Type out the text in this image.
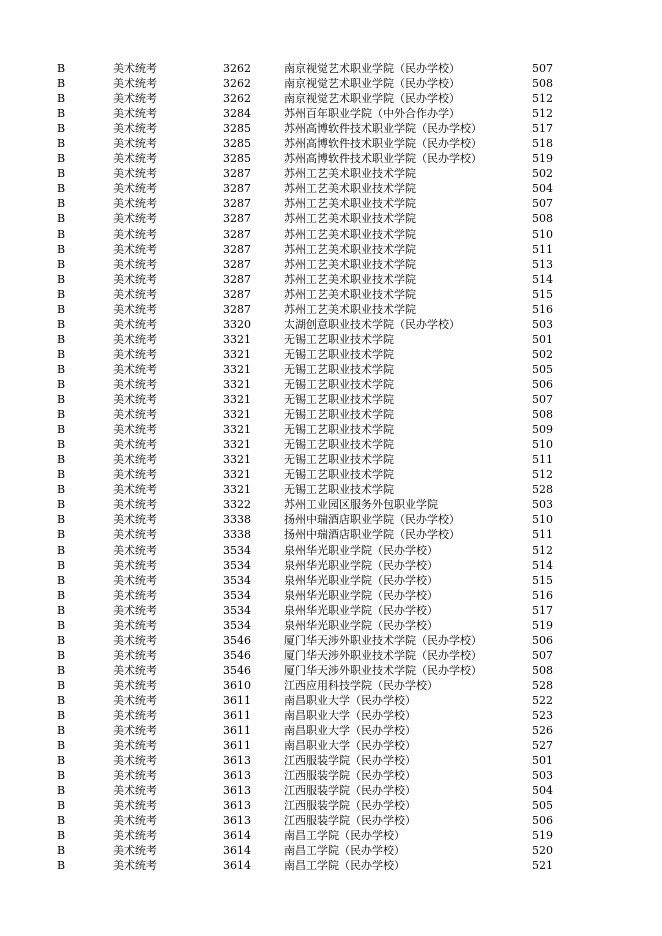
B	美术统考	3262	南京视觉艺术职业学院（民办学校）	507
B	美术统考	3262	南京视觉艺术职业学院（民办学校）	508
B	美术统考	3262	南京视觉艺术职业学院（民办学校）	512
B	美术统考	3284	苏州百年职业学院（中外合作办学）	512
B	美术统考	3285	苏州高博软件技术职业学院（民办学校）	517
B	美术统考	3285	苏州高博软件技术职业学院（民办学校）	518
B	美术统考	3285	苏州高博软件技术职业学院（民办学校）	519
B	美术统考	3287	苏州工艺美术职业技术学院	502
B	美术统考	3287	苏州工艺美术职业技术学院	504
B	美术统考	3287	苏州工艺美术职业技术学院	507
B	美术统考	3287	苏州工艺美术职业技术学院	508
B	美术统考	3287	苏州工艺美术职业技术学院	510
B	美术统考	3287	苏州工艺美术职业技术学院	511
B	美术统考	3287	苏州工艺美术职业技术学院	513
B	美术统考	3287	苏州工艺美术职业技术学院	514
B	美术统考	3287	苏州工艺美术职业技术学院	515
B	美术统考	3287	苏州工艺美术职业技术学院	516
B	美术统考	3320	太湖创意职业技术学院（民办学校）	503
B	美术统考	3321	无锡工艺职业技术学院	501
B	美术统考	3321	无锡工艺职业技术学院	502
B	美术统考	3321	无锡工艺职业技术学院	505
B	美术统考	3321	无锡工艺职业技术学院	506
B	美术统考	3321	无锡工艺职业技术学院	507
B	美术统考	3321	无锡工艺职业技术学院	508
B	美术统考	3321	无锡工艺职业技术学院	509
B	美术统考	3321	无锡工艺职业技术学院	510
B	美术统考	3321	无锡工艺职业技术学院	511
B	美术统考	3321	无锡工艺职业技术学院	512
B	美术统考	3321	无锡工艺职业技术学院	528
B	美术统考	3322	苏州工业园区服务外包职业学院	503
B	美术统考	3338	扬州中瑞酒店职业学院（民办学校）	510
B	美术统考	3338	扬州中瑞酒店职业学院（民办学校）	511
B	美术统考	3534	泉州华光职业学院（民办学校）	512
B	美术统考	3534	泉州华光职业学院（民办学校）	514
B	美术统考	3534	泉州华光职业学院（民办学校）	515
B	美术统考	3534	泉州华光职业学院（民办学校）	516
B	美术统考	3534	泉州华光职业学院（民办学校）	517
B	美术统考	3534	泉州华光职业学院（民办学校）	519
B	美术统考	3546	厦门华天涉外职业技术学院（民办学校）	506
B	美术统考	3546	厦门华天涉外职业技术学院（民办学校）	507
B	美术统考	3546	厦门华天涉外职业技术学院（民办学校）	508
B	美术统考	3610	江西应用科技学院（民办学校）	528
B	美术统考	3611	南昌职业大学（民办学校）	522
B	美术统考	3611	南昌职业大学（民办学校）	523
B	美术统考	3611	南昌职业大学（民办学校）	526
B	美术统考	3611	南昌职业大学（民办学校）	527
B	美术统考	3613	江西服装学院（民办学校）	501
B	美术统考	3613	江西服装学院（民办学校）	503
B	美术统考	3613	江西服装学院（民办学校）	504
B	美术统考	3613	江西服装学院（民办学校）	505
B	美术统考	3613	江西服装学院（民办学校）	506
B	美术统考	3614	南昌工学院（民办学校）	519
B	美术统考	3614	南昌工学院（民办学校）	520
B	美术统考	3614	南昌工学院（民办学校）	521
